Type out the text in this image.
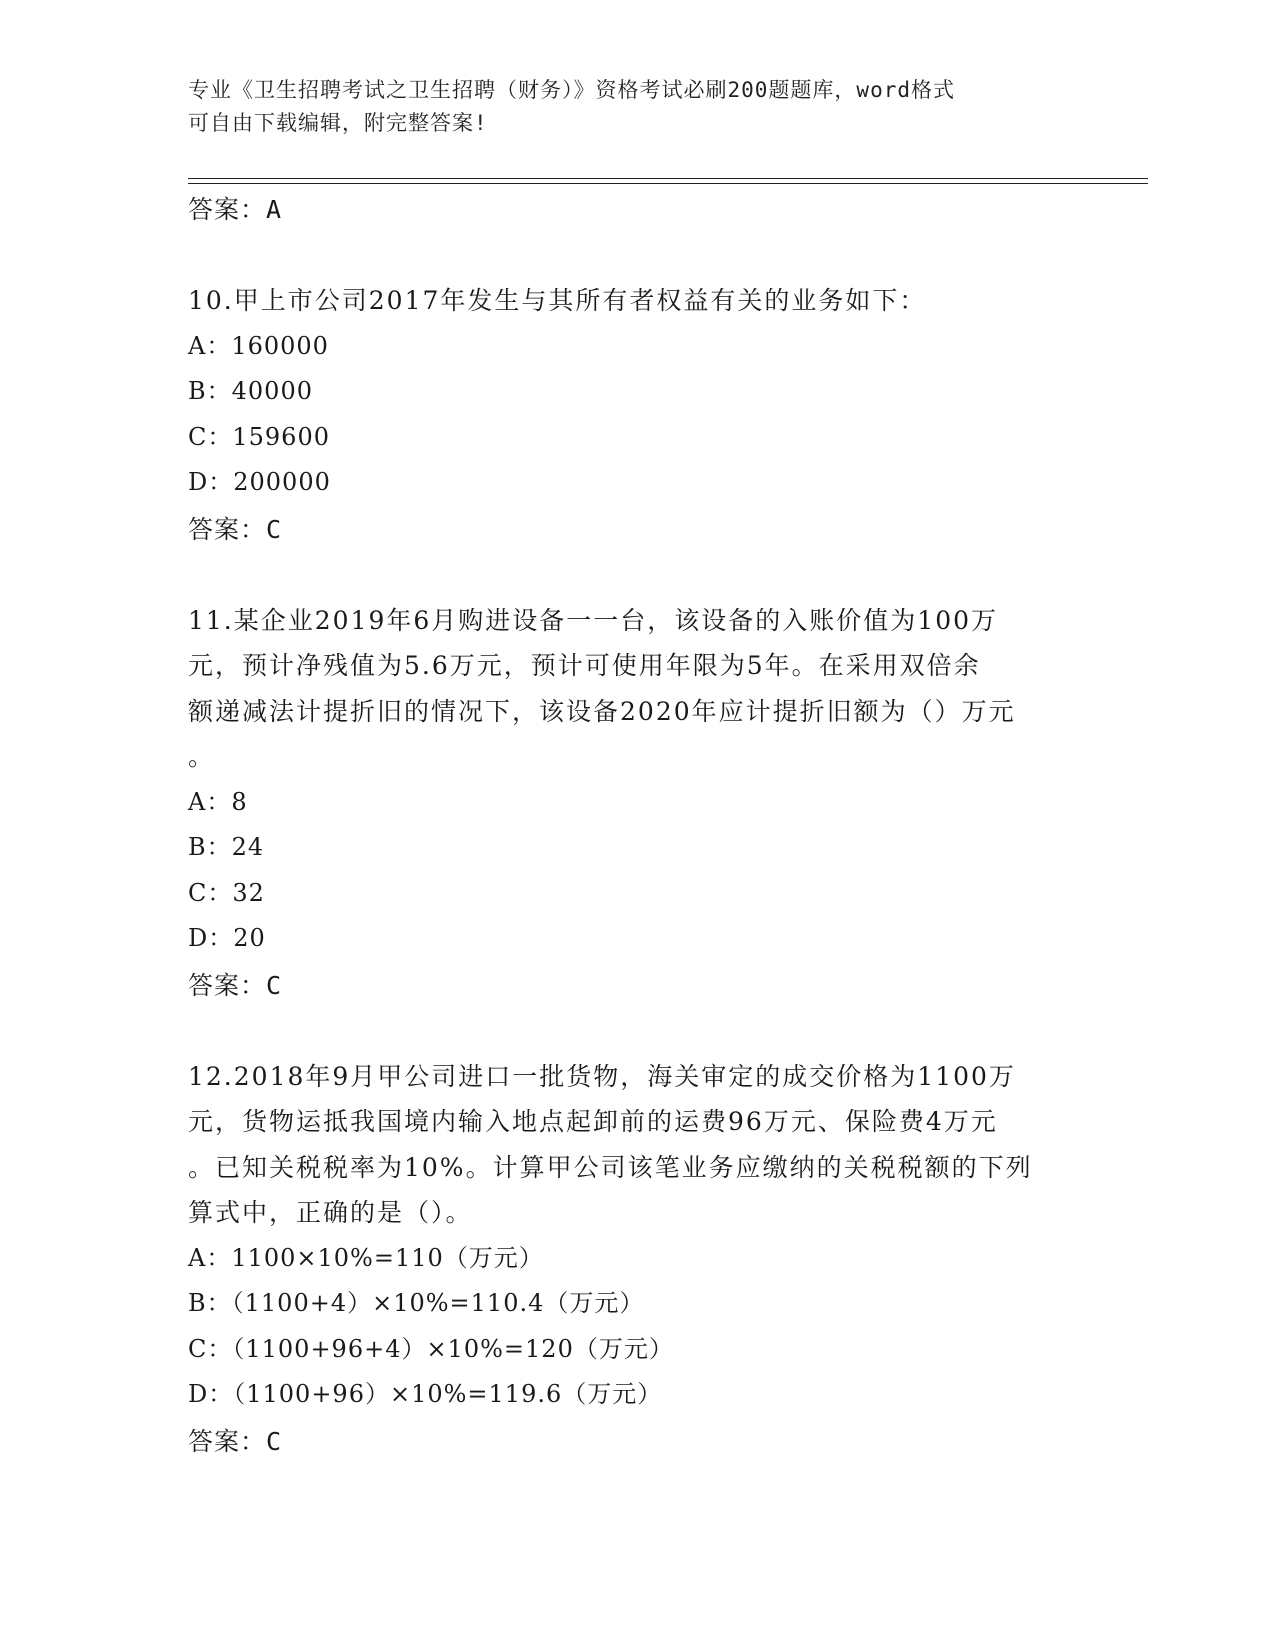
专业《卫生招聘考试之卫生招聘（财务）》资格考试必刷200题题库，word格式
可自由下载编辑，附完整答案!
答案：A

10.甲上市公司2017年发生与其所有者权益有关的业务如下：

A：160000

B：40000

C：159600

D：200000

答案：C

11.某企业2019年6月购进设备一一台，该设备的入账价值为100万

元，预计净残值为5.6万元，预计可使用年限为5年。在采用双倍余

额递减法计提折旧的情况下，该设备2020年应计提折旧额为（）万元

。

A：8

B：24

C：32

D：20

答案：C

12.2018年9月甲公司进口一批货物，海关审定的成交价格为1100万

元，货物运抵我国境内输入地点起卸前的运费96万元、保险费4万元

。已知关税税率为10%。计算甲公司该笔业务应缴纳的关税税额的下列

算式中，正确的是（）。

A：1100×10%=110（万元）

B：（1100+4）×10%=110.4（万元）

C：（1100+96+4）×10%=120（万元）

D：（1100+96）×10%=119.6（万元）

答案：C
